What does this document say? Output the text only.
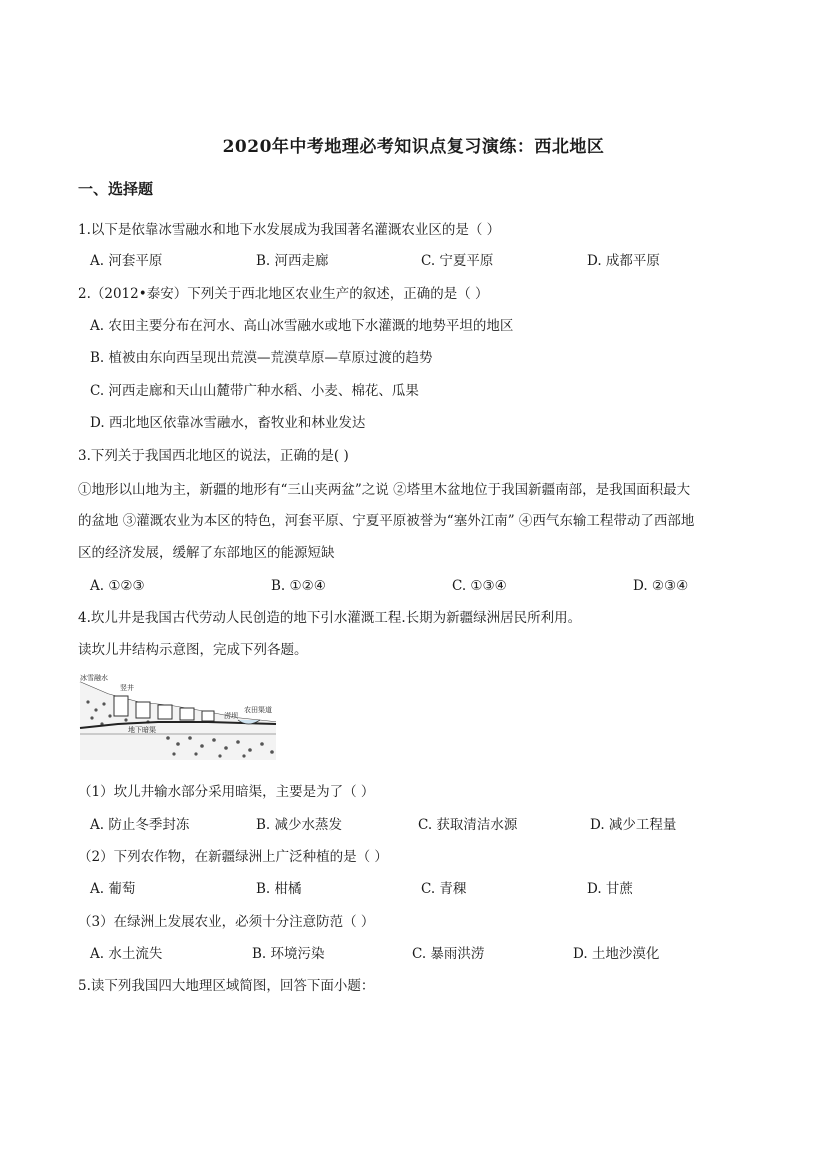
2020年中考地理必考知识点复习演练：西北地区
一、选择题
1.以下是依靠冰雪融水和地下水发展成为我国著名灌溉农业区的是（ ）
A. 河套平原	B. 河西走廊	C. 宁夏平原	D. 成都平原
2.（2012•泰安）下列关于西北地区农业生产的叙述，正确的是（ ）
A. 农田主要分布在河水、高山冰雪融水或地下水灌溉的地势平坦的地区
B. 植被由东向西呈现出荒漠—荒漠草原—草原过渡的趋势
C. 河西走廊和天山山麓带广种水稻、小麦、棉花、瓜果
D. 西北地区依靠冰雪融水，畜牧业和林业发达
3.下列关于我国西北地区的说法，正确的是( )
①地形以山地为主，新疆的地形有“三山夹两盆”之说 ②塔里木盆地位于我国新疆南部，是我国面积最大
的盆地 ③灌溉农业为本区的特色，河套平原、宁夏平原被誉为“塞外江南” ④西气东输工程带动了西部地
区的经济发展，缓解了东部地区的能源短缺
A. ①②③	B. ①②④	C. ①③④	D. ②③④
4.坎儿井是我国古代劳动人民创造的地下引水灌溉工程.长期为新疆绿洲居民所利用。
读坎儿井结构示意图，完成下列各题。
冰雪融水
竖井
地下暗渠
涝坝
农田渠道
（1）坎儿井输水部分采用暗渠，主要是为了（ ）
A. 防止冬季封冻	B. 减少水蒸发	C. 获取清洁水源	D. 减少工程量
（2）下列农作物，在新疆绿洲上广泛种植的是（ ）
A. 葡萄	B. 柑橘	C. 青稞	D. 甘蔗
（3）在绿洲上发展农业，必须十分注意防范（ ）
A. 水土流失	B. 环境污染	C. 暴雨洪涝	D. 土地沙漠化
5.读下列我国四大地理区域简图，回答下面小题：
